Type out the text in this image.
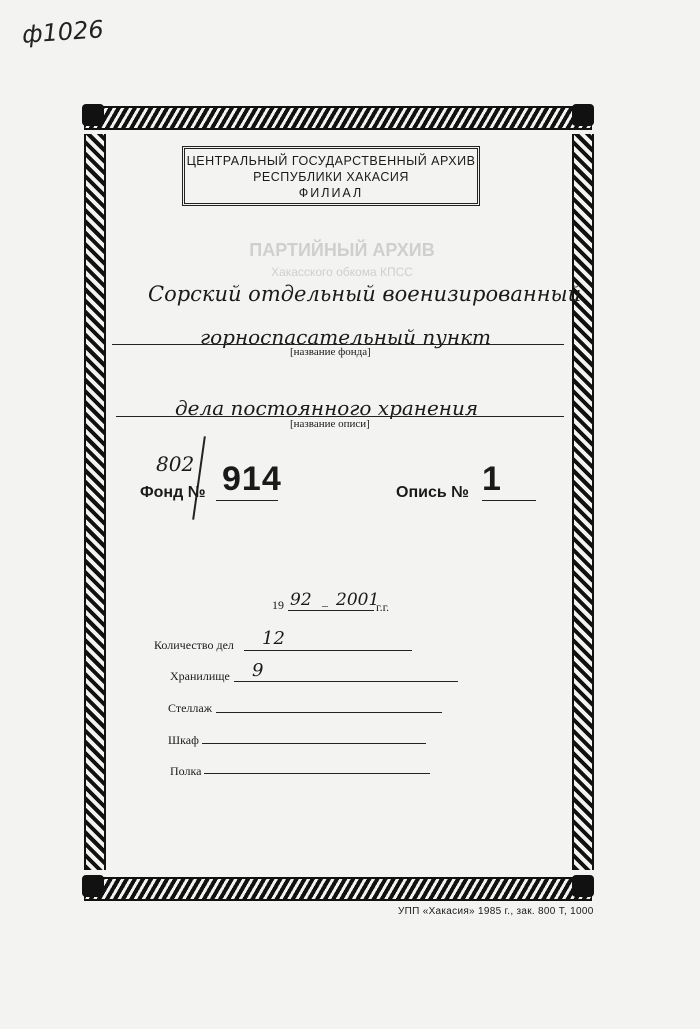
ф1026
ЦЕНТРАЛЬНЫЙ ГОСУДАРСТВЕННЫЙ АРХИВ
РЕСПУБЛИКИ ХАКАСИЯ
ФИЛИАЛ
ПАРТИЙНЫЙ АРХИВ
Хакасского обкома КПСС
Сорский отдельный военизированный
горноспасательный пункт
[название фонда]
дела постоянного хранения
[название описи]
802
Фонд № 914	Опись № 1
19 92 – 2001
г.г.
Количество дел 12
Хранилище 9
Стеллаж
Шкаф
Полка
УПП «Хакасия» 1985 г., зак. 800 Т, 1000
